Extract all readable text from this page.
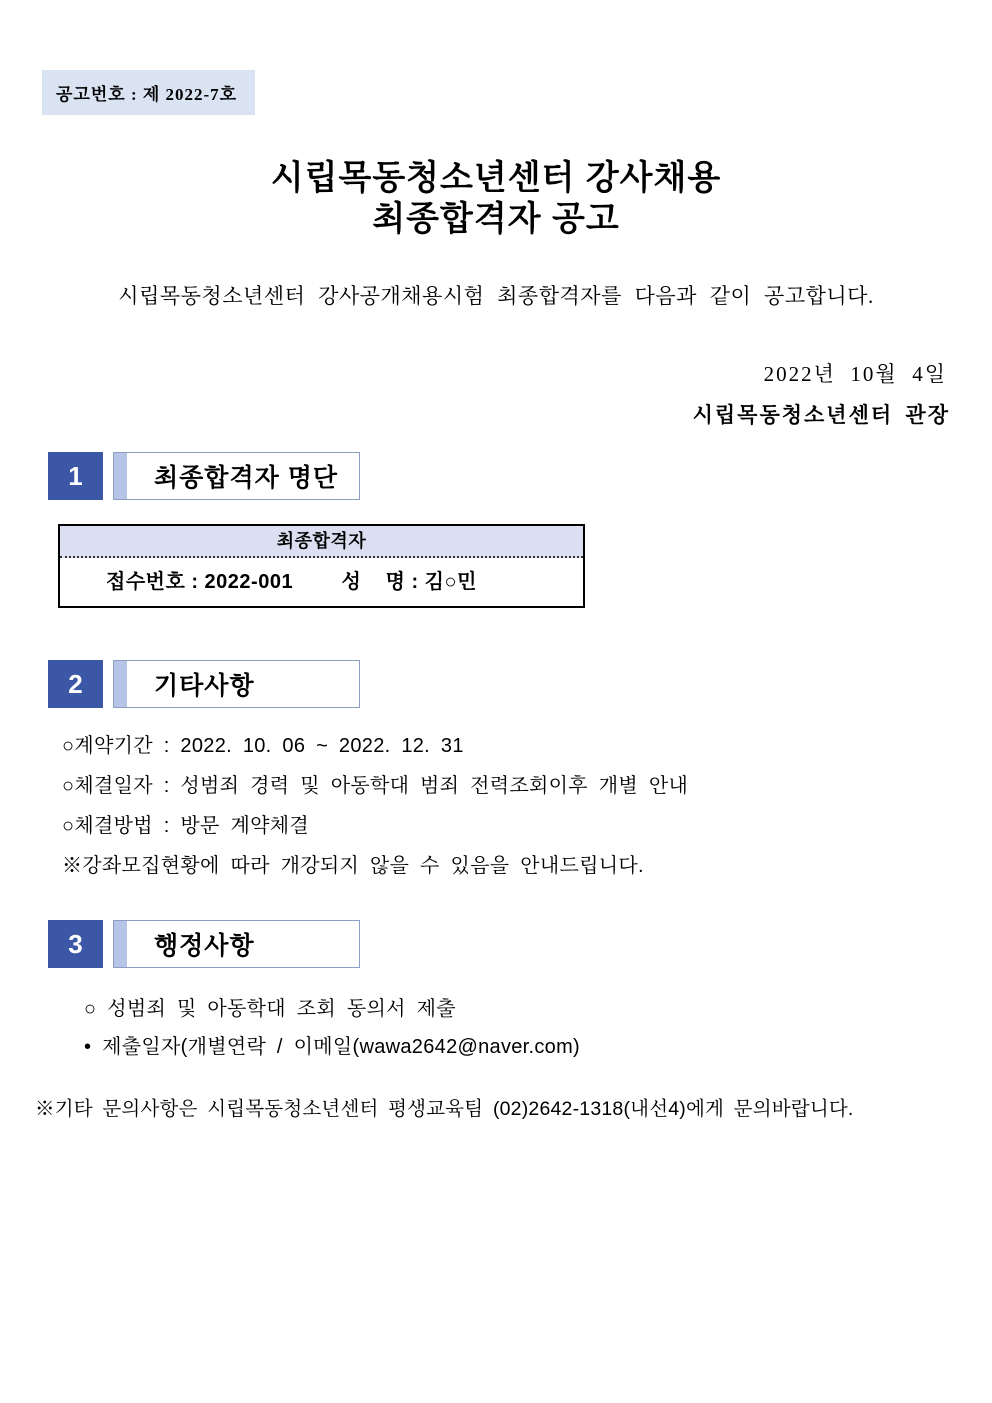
공고번호 : 제 2022-7호
시립목동청소년센터 강사채용
최종합격자 공고
시립목동청소년센터 강사공개채용시험 최종합격자를 다음과 같이 공고합니다.
2022년  10월  4일
시립목동청소년센터 관장
1	최종합격자 명단
최종합격자
접수번호 : 2022-001        성    명 : 김○민
2	기타사항
○계약기간 : 2022. 10. 06 ~ 2022. 12. 31
○체결일자 : 성범죄 경력 및 아동학대 범죄 전력조회이후 개별 안내
○체결방법 : 방문 계약체결
※강좌모집현황에 따라 개강되지 않을 수 있음을 안내드립니다.
3	행정사항
○ 성범죄 및 아동학대 조회 동의서 제출
• 제출일자(개별연락 / 이메일(wawa2642@naver.com)
※기타 문의사항은 시립목동청소년센터 평생교육팀 (02)2642-1318(내선4)에게 문의바랍니다.
